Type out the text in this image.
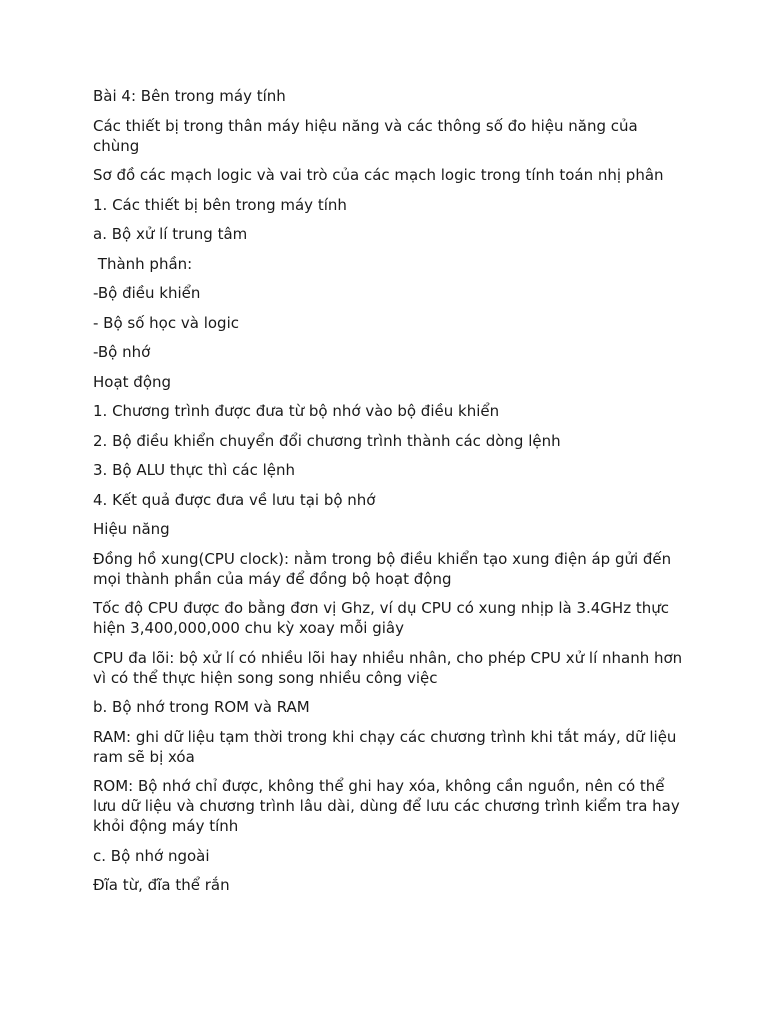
Bài 4: Bên trong máy tính

Các thiết bị trong thân máy hiệu năng và các thông số đo hiệu năng của chùng

Sơ đồ các mạch logic và vai trò của các mạch logic trong tính toán nhị phân

1. Các thiết bị bên trong máy tính

a. Bộ xử lí trung tâm

Thành phần:

-Bộ điều khiển

- Bộ số học và logic

-Bộ nhớ

Hoạt động

1. Chương trình được đưa từ bộ nhớ vào bộ điều khiển

2. Bộ điều khiển chuyển đổi chương trình thành các dòng lệnh

3. Bộ ALU thực thì các lệnh

4. Kết quả được đưa về lưu tại bộ nhớ

Hiệu năng

Đồng hồ xung(CPU clock): nằm trong bộ điều khiển tạo xung điện áp gửi đến mọi thành phần của máy để đồng bộ hoạt động

Tốc độ CPU được đo bằng đơn vị Ghz, ví dụ CPU có xung nhịp là 3.4GHz thực hiện 3,400,000,000 chu kỳ xoay mỗi giây

CPU đa lõi: bộ xử lí có nhiều lõi hay nhiều nhân, cho phép CPU xử lí nhanh hơn vì có thể thực hiện song song nhiều công việc

b. Bộ nhớ trong ROM và RAM

RAM: ghi dữ liệu tạm thời trong khi chạy các chương trình khi tắt máy, dữ liệu ram sẽ bị xóa

ROM: Bộ nhớ chỉ được, không thể ghi hay xóa, không cần nguồn, nên có thể lưu dữ liệu và chương trình lâu dài, dùng để lưu các chương trình kiểm tra hay khỏi động máy tính

c. Bộ nhớ ngoài

Đĩa từ, đĩa thể rắn
